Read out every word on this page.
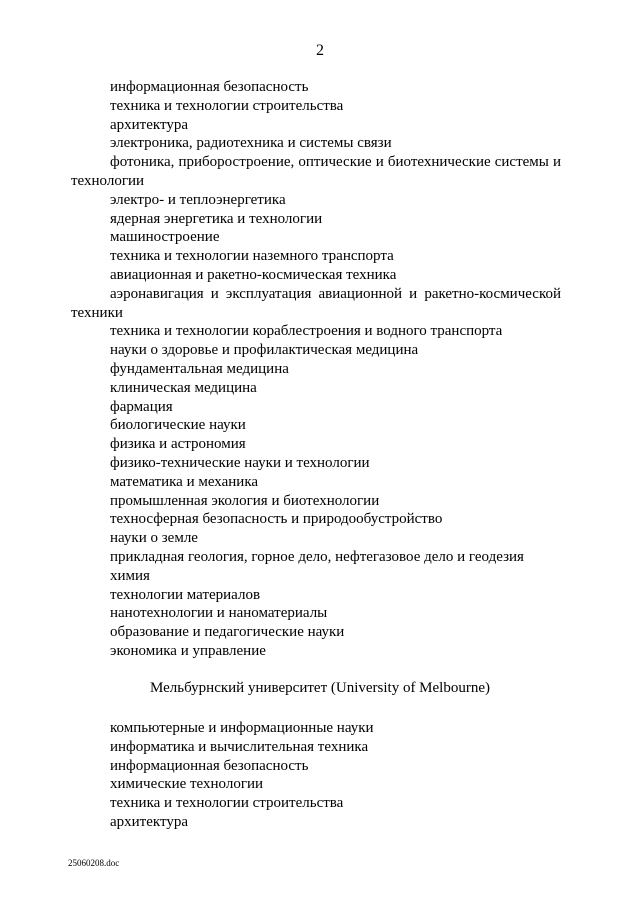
2
информационная безопасность
техника и технологии строительства
архитектура
электроника, радиотехника и системы связи
фотоника, приборостроение, оптические и биотехнические системы и технологии
электро- и теплоэнергетика
ядерная энергетика и технологии
машиностроение
техника и технологии наземного транспорта
авиационная и ракетно-космическая техника
аэронавигация и эксплуатация авиационной и ракетно-космической техники
техника и технологии кораблестроения и водного транспорта
науки о здоровье и профилактическая медицина
фундаментальная медицина
клиническая медицина
фармация
биологические науки
физика и астрономия
физико-технические науки и технологии
математика и механика
промышленная экология и биотехнологии
техносферная безопасность и природообустройство
науки о земле
прикладная геология, горное дело, нефтегазовое дело и геодезия
химия
технологии материалов
нанотехнологии и наноматериалы
образование и педагогические науки
экономика и управление
Мельбурнский университет (University of Melbourne)
компьютерные и информационные науки
информатика и вычислительная техника
информационная безопасность
химические технологии
техника и технологии строительства
архитектура
25060208.doc
